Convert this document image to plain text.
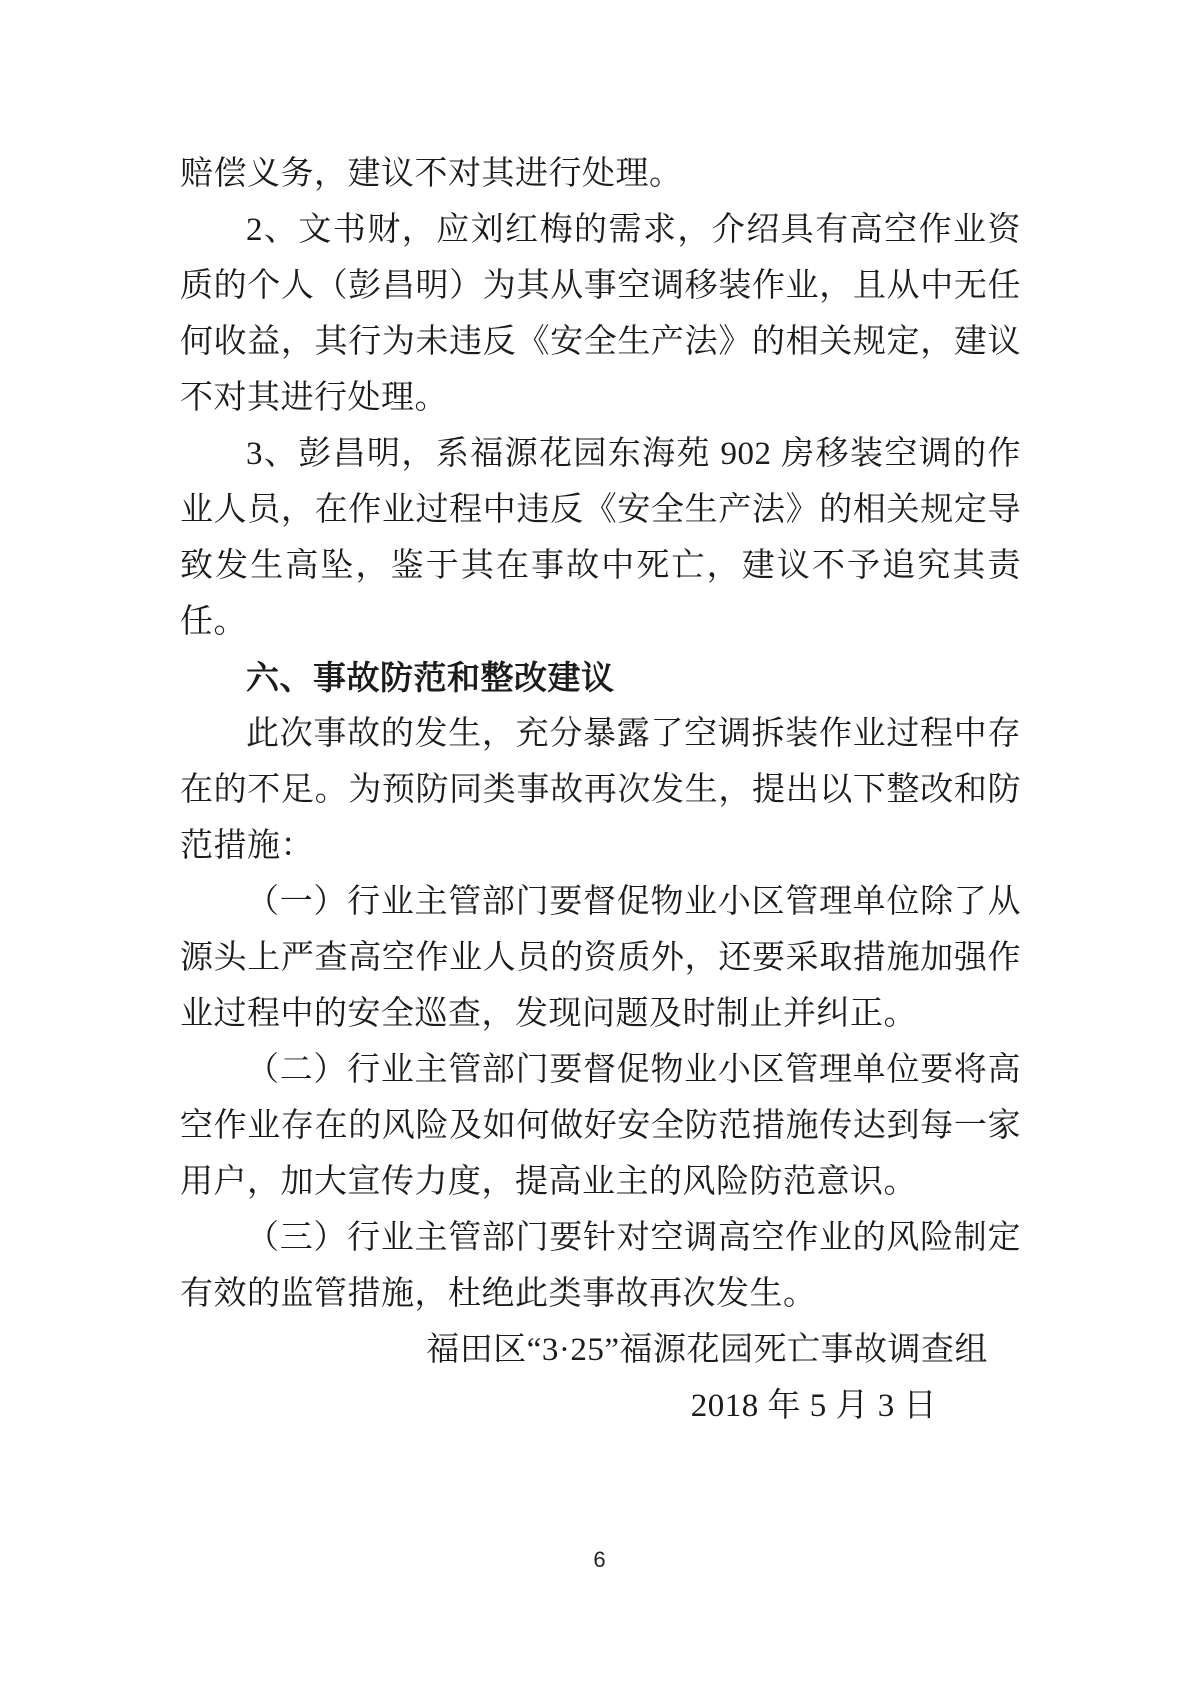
赔偿义务，建议不对其进行处理。

2、文书财，应刘红梅的需求，介绍具有高空作业资质的个人（彭昌明）为其从事空调移装作业，且从中无任何收益，其行为未违反《安全生产法》的相关规定，建议不对其进行处理。

3、彭昌明，系福源花园东海苑 902 房移装空调的作业人员，在作业过程中违反《安全生产法》的相关规定导致发生高坠，鉴于其在事故中死亡，建议不予追究其责任。

六、事故防范和整改建议

此次事故的发生，充分暴露了空调拆装作业过程中存在的不足。为预防同类事故再次发生，提出以下整改和防范措施：

（一）行业主管部门要督促物业小区管理单位除了从源头上严查高空作业人员的资质外，还要采取措施加强作业过程中的安全巡查，发现问题及时制止并纠正。

（二）行业主管部门要督促物业小区管理单位要将高空作业存在的风险及如何做好安全防范措施传达到每一家用户，加大宣传力度，提高业主的风险防范意识。

（三）行业主管部门要针对空调高空作业的风险制定有效的监管措施，杜绝此类事故再次发生。

福田区“3·25”福源花园死亡事故调查组

2018 年 5 月 3 日

6
